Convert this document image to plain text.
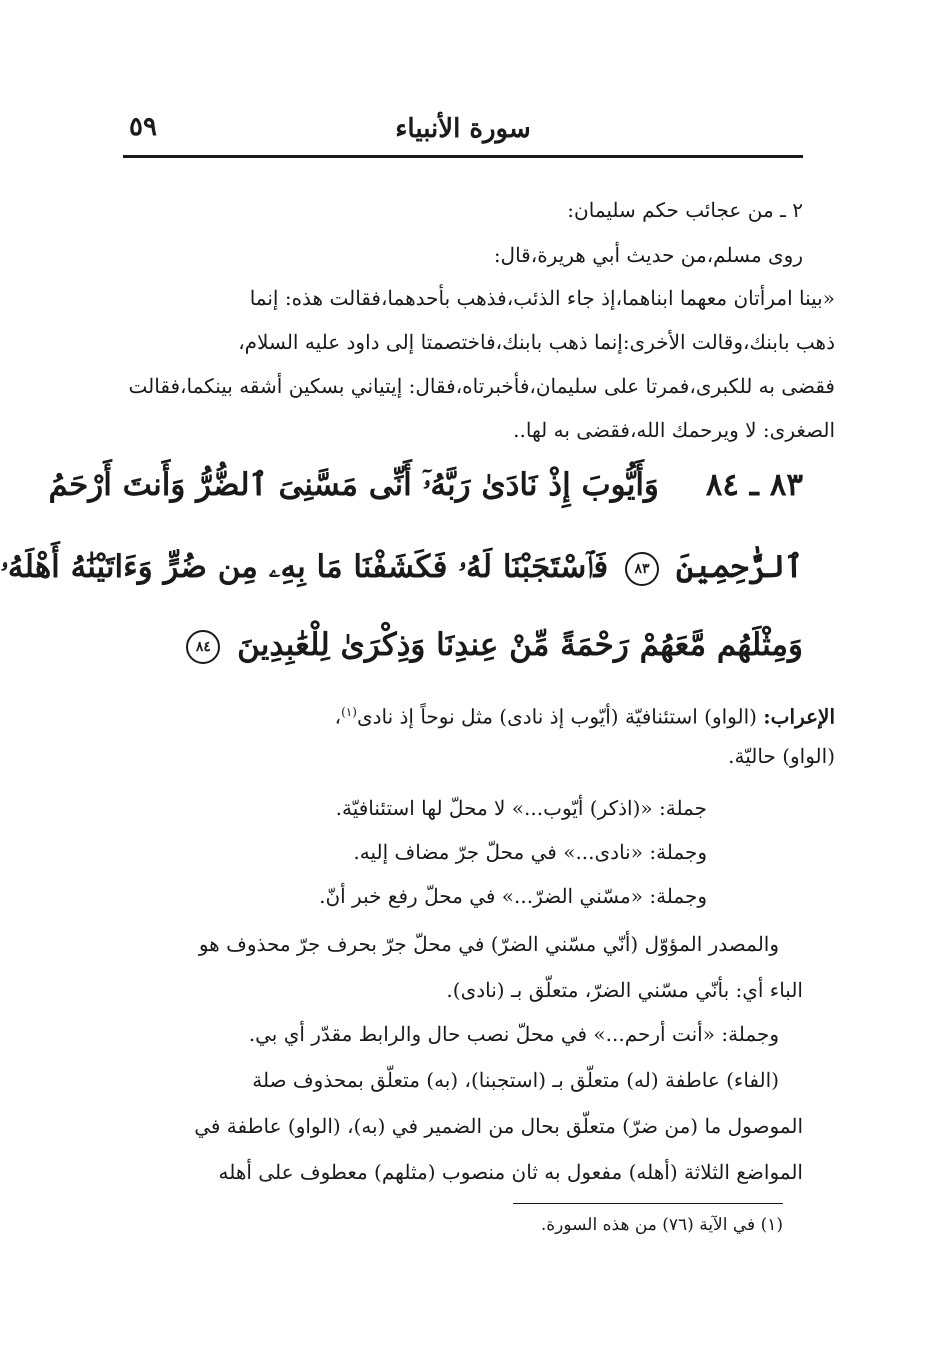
سورة الأنبياء
٥٩
٢ ـ من عجائب حكم سليمان:
روى مسلم،من حديث أبي هريرة،قال:
«بينا امرأتان معهما ابناهما،إذ جاء الذئب،فذهب بأحدهما،فقالت هذه: إنما
ذهب بابنك،وقالت الأخرى:إنما ذهب بابنك،فاختصمتا إلى داود عليه السلام،
فقضى به للكبرى،فمرتا على سليمان،فأخبرتاه،فقال: إيتياني بسكين أشقه بينكما،فقالت
الصغرى: لا ويرحمك الله،فقضى به لها..
٨٣ ـ ٨٤ وَأَيُّوبَ إِذْ نَادَىٰ رَبَّهُۥٓ أَنِّى مَسَّنِىَ ٱلضُّرُّ وَأَنتَ أَرْحَمُ
ٱلرَّٰحِمِينَ ٨٣ فَٱسْتَجَبْنَا لَهُۥ فَكَشَفْنَا مَا بِهِۦ مِن ضُرٍّ وَءَاتَيْنَٰهُ أَهْلَهُۥ
وَمِثْلَهُم مَّعَهُمْ رَحْمَةً مِّنْ عِندِنَا وَذِكْرَىٰ لِلْعَٰبِدِينَ ٨٤
الإعراب: (الواو) استئنافيّة (أيّوب إذ نادى) مثل نوحاً إذ نادى$^{(١)}$،
(الواو) حاليّة.
جملة: «(اذكر) أيّوب...» لا محلّ لها استئنافيّة.
وجملة: «نادى...» في محلّ جرّ مضاف إليه.
وجملة: «مسّني الضرّ...» في محلّ رفع خبر أنّ.
والمصدر المؤوّل (أنّي مسّني الضرّ) في محلّ جرّ بحرف جرّ محذوف هو
الباء أي: بأنّي مسّني الضرّ، متعلّق بـ (نادى).
وجملة: «أنت أرحم...» في محلّ نصب حال والرابط مقدّر أي بي.
(الفاء) عاطفة (له) متعلّق بـ (استجبنا)، (به) متعلّق بمحذوف صلة
الموصول ما (من ضرّ) متعلّق بحال من الضمير في (به)، (الواو) عاطفة في
المواضع الثلاثة (أهله) مفعول به ثان منصوب (مثلهم) معطوف على أهله
(١) في الآية (٧٦) من هذه السورة.
